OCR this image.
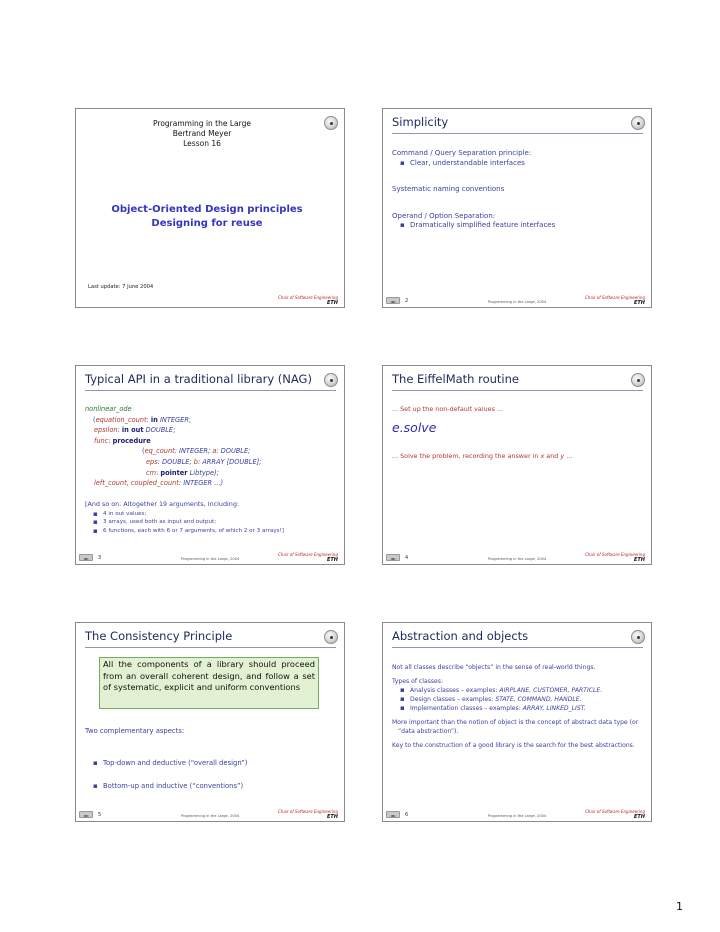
Programming in the Large
Bertrand Meyer
Lesson 16
Object-Oriented Design principles
Designing for reuse
Last update: 7 June 2004
Chair of Software Engineering
ETH
Simplicity
Command / Query Separation principle:
▪ Clear, understandable interfaces
Systematic naming conventions
Operand / Option Separation:
▪ Dramatically simplified feature interfaces
◄►	2	Programming in the Large, 2004
Chair of Software Engineering
ETH
Typical API in a traditional library (NAG)
nonlinear_ode
(equation_count: in INTEGER;
epsilon: in out DOUBLE;
func: procedure
(eq_count: INTEGER; a: DOUBLE;
eps: DOUBLE; b: ARRAY [DOUBLE];
cm: pointer Libtype);
left_count, coupled_count: INTEGER ...)
[And so on. Altogether 19 arguments, including:
▪ 4 in out values;
▪ 3 arrays, used both as input and output;
▪ 6 functions, each with 6 or 7 arguments, of which 2 or 3 arrays!]
◄►	3	Programming in the Large, 2004
Chair of Software Engineering
ETH
The EiffelMath routine
... Set up the non-default values ...
e.solve
... Solve the problem, recording the answer in x and y ...
◄►	4	Programming in the Large, 2004
Chair of Software Engineering
ETH
The Consistency Principle
All the components of a library should proceed from an overall coherent design, and follow a set of systematic, explicit and uniform conventions
Two complementary aspects:
▪ Top-down and deductive (“overall design”)
▪ Bottom-up and inductive (“conventions”)
◄►	5	Programming in the Large, 2004
Chair of Software Engineering
ETH
Abstraction and objects
Not all classes describe “objects” in the sense of real-world things.
Types of classes:
▪ Analysis classes – examples: AIRPLANE, CUSTOMER, PARTICLE.
▪ Design classes – examples: STATE, COMMAND, HANDLE.
▪ Implementation classes – examples: ARRAY, LINKED_LIST.
More important than the notion of object is the concept of abstract data type (or “data abstraction”).
Key to the construction of a good library is the search for the best abstractions.
◄►	6	Programming in the Large, 2004
Chair of Software Engineering
ETH
1
